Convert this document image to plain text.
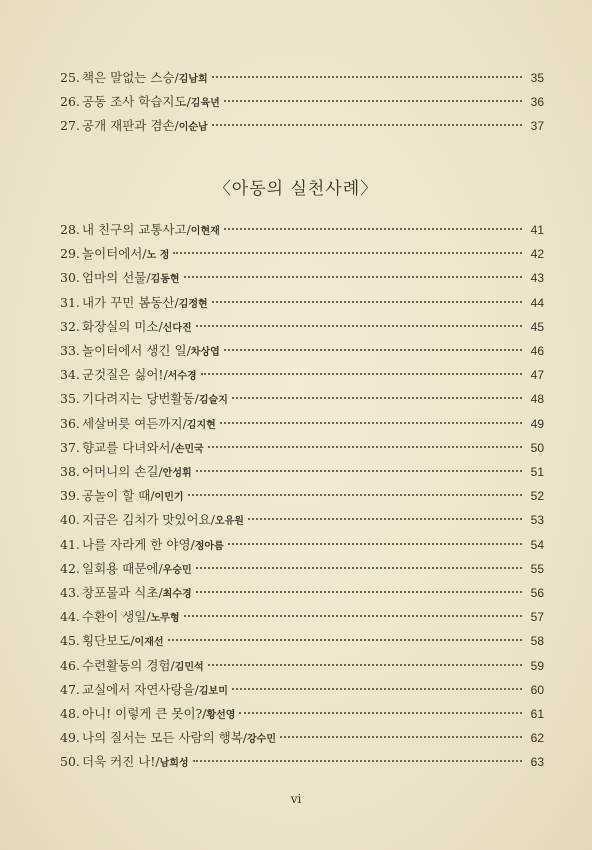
25. 책은 말없는 스승 / 김남희	35
26. 공동 조사 학습지도 / 김육년	36
27. 공개 재판과 겸손 / 이순남	37
〈아동의 실천사례〉
28. 내 친구의 교통사고 / 이현재	41
29. 놀이터에서 / 노 정	42
30. 엄마의 선물 / 김동현	43
31. 내가 꾸민 봄동산 / 김정현	44
32. 화장실의 미소 / 신다진	45
33. 놀이터에서 생긴 일 / 차상엽	46
34. 군것질은 싫어! / 서수경	47
35. 기다려지는 당번활동 / 김슬지	48
36. 세살버릇 여든까지 / 김지현	49
37. 향교를 다녀와서 / 손민국	50
38. 어머니의 손길 / 안성휘	51
39. 공놀이 할 때 / 이민기	52
40. 지금은 김치가 맛있어요 / 오유원	53
41. 나를 자라게 한 야영 / 정아름	54
42. 일회용 때문에 / 우승민	55
43. 창포물과 식초 / 최수경	56
44. 수환이 생일 / 노무형	57
45. 횡단보도 / 이재선	58
46. 수련활동의 경험 / 김민석	59
47. 교실에서 자연사랑을 / 김보미	60
48. 아니! 이렇게 큰 못이? / 황선영	61
49. 나의 질서는 모든 사람의 행복 / 강수민	62
50. 더욱 커진 나! / 남희성	63
vi
